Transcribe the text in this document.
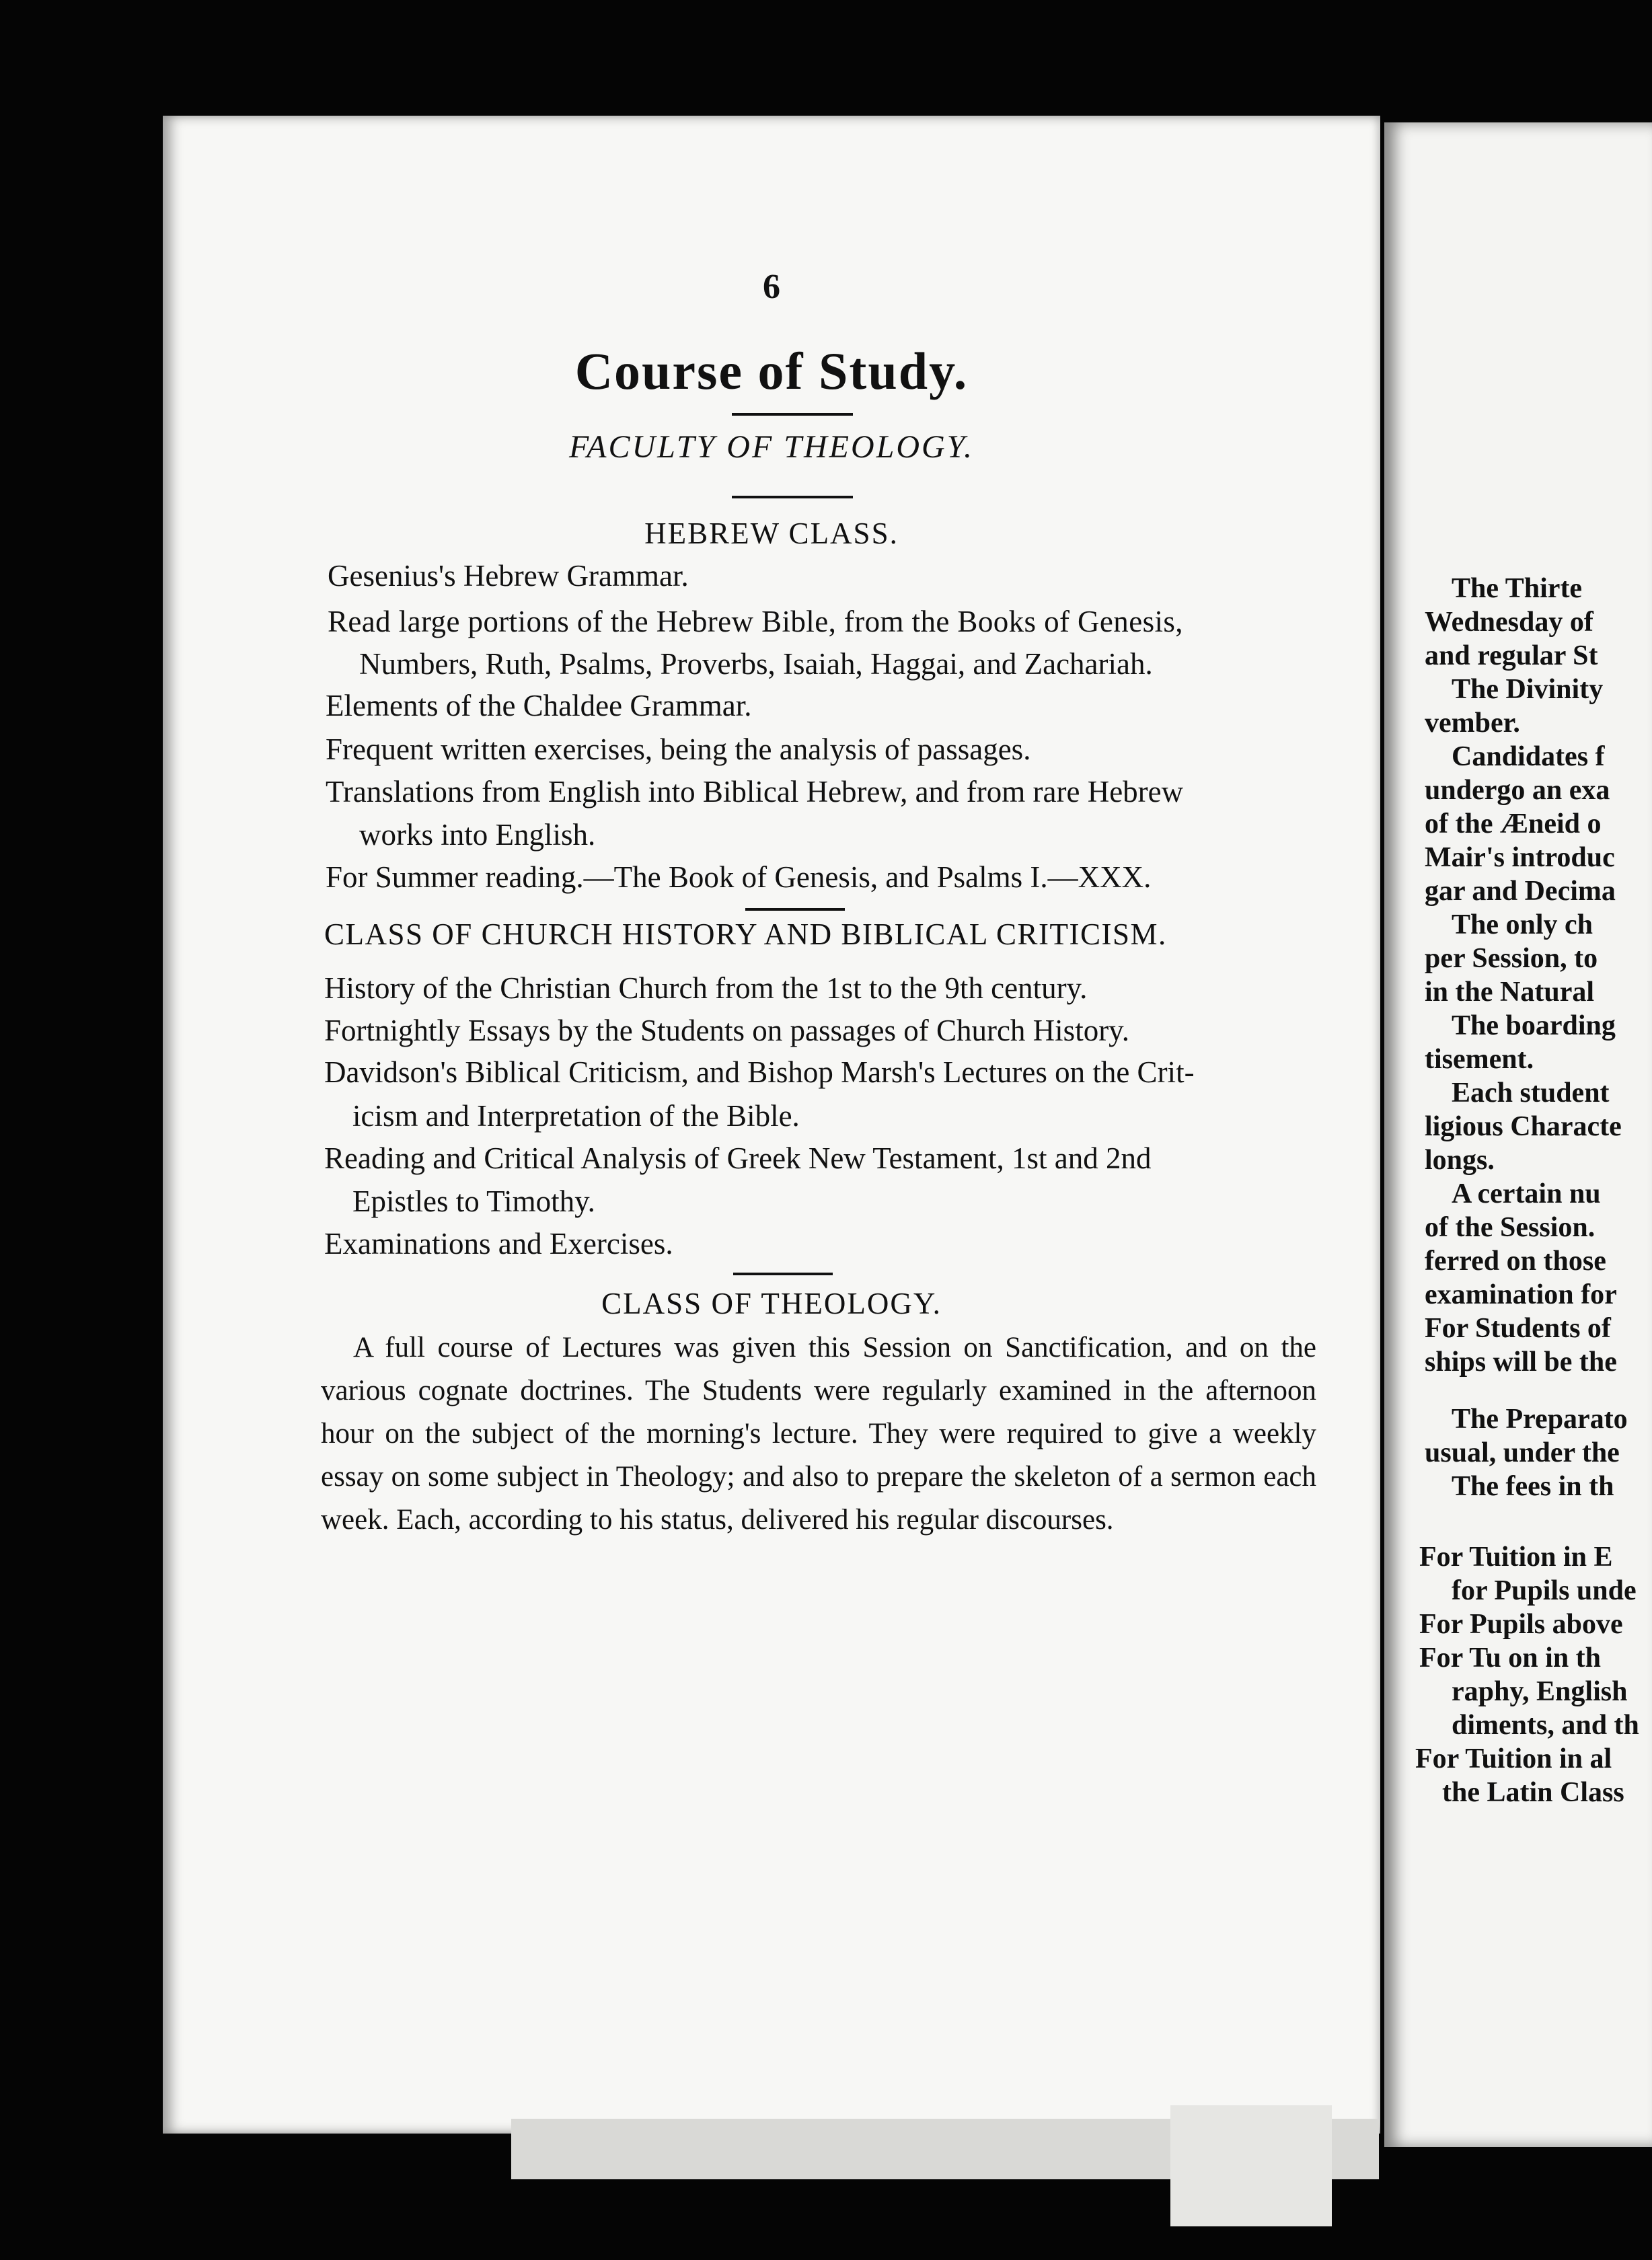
6
Course of Study.
FACULTY OF THEOLOGY.
HEBREW CLASS.
Gesenius's Hebrew Grammar.
Read large portions of the Hebrew Bible, from the Books of Genesis,
Numbers, Ruth, Psalms, Proverbs, Isaiah, Haggai, and Zachariah.
Elements of the Chaldee Grammar.
Frequent written exercises, being the analysis of passages.
Translations from English into Biblical Hebrew, and from rare Hebrew
works into English.
For Summer reading.—The Book of Genesis, and Psalms I.—XXX.
CLASS OF CHURCH HISTORY AND BIBLICAL CRITICISM.
History of the Christian Church from the 1st to the 9th century.
Fortnightly Essays by the Students on passages of Church History.
Davidson's Biblical Criticism, and Bishop Marsh's Lectures on the Crit-
icism and Interpretation of the Bible.
Reading and Critical Analysis of Greek New Testament, 1st and 2nd
Epistles to Timothy.
Examinations and Exercises.
CLASS OF THEOLOGY.
A full course of Lectures was given this Session on Sanctification, and on the various cognate doctrines. The Students were regularly examined in the afternoon hour on the subject of the morning's lecture. They were required to give a weekly essay on some subject in Theology; and also to prepare the skeleton of a sermon each week. Each, according to his status, delivered his regular discourses.
The Thirte
Wednesday of
and regular St
The Divinity
vember.
Candidates f
undergo an exa
of the Æneid o
Mair's introduc
gar and Decima
The only ch
per Session, to
in the Natural
The boarding
tisement.
Each student
ligious Characte
longs.
A certain nu
of the Session.
ferred on those
examination for
For Students of
ships will be the
The Preparato
usual, under the
The fees in th
For Tuition in E
for Pupils unde
For Pupils above
For Tu on in th
raphy, English
diments, and th
For Tuition in al
the Latin Class
